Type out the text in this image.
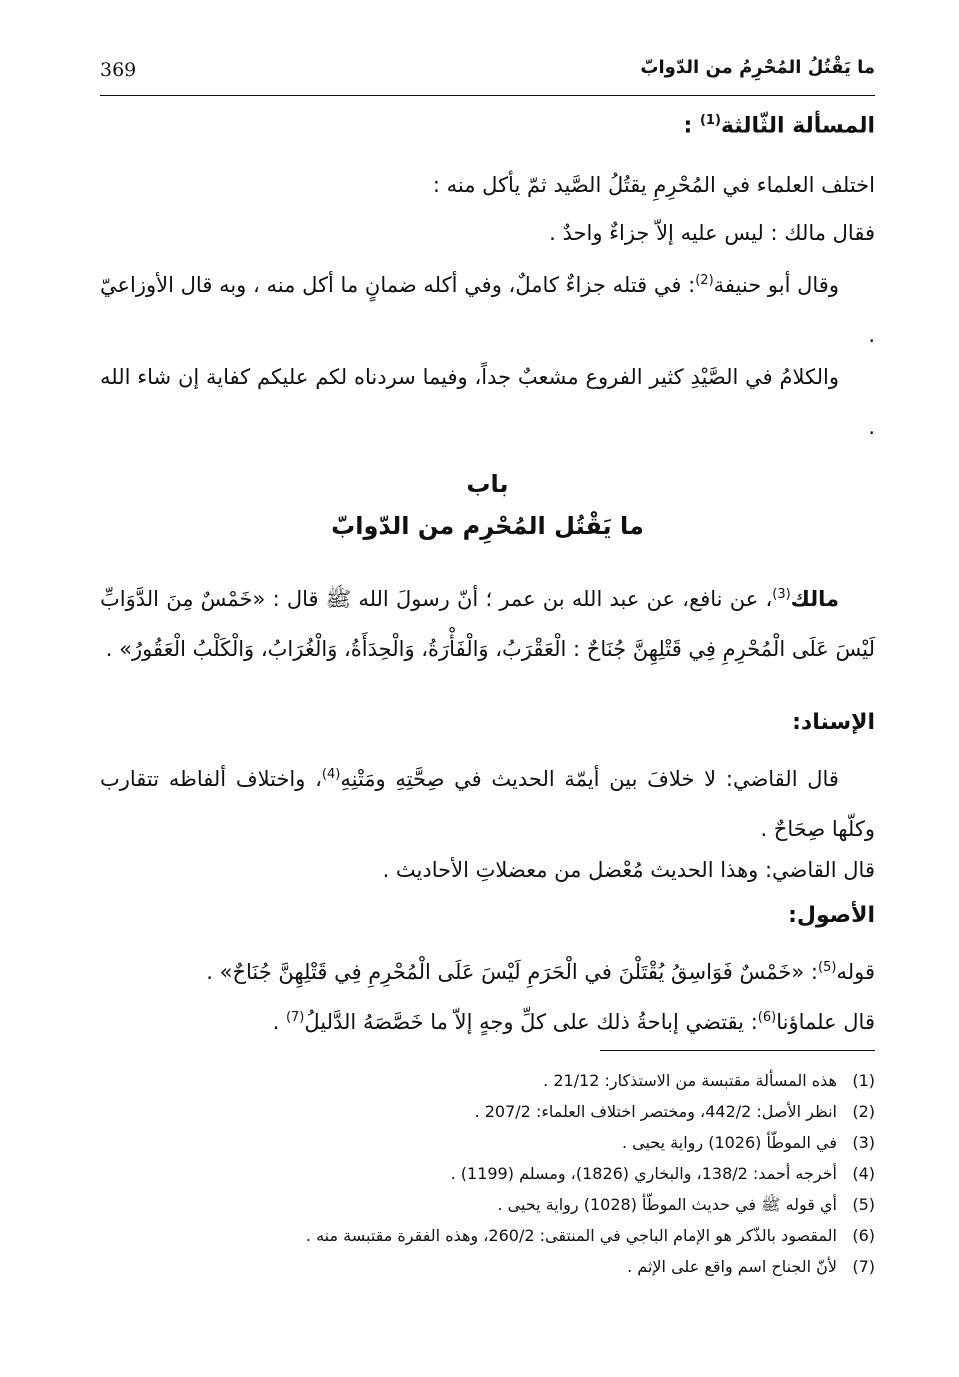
369	ما يَقْتُلُ المُحْرِمُ من الدّوابّ
المسألة الثّالثة$^{(1)}$ :
اختلف العلماء في المُحْرِمِ يقتُلُ الصَّيد ثمّ يأكل منه :
فقال مالك : ليس عليه إلاّ جزاءٌ واحدٌ .
وقال أبو حنيفة$^{(2)}$: في قتله جزاءٌ كاملٌ، وفي أكله ضمانٍ ما أكل منه ، وبه قال الأوزاعيّ .
والكلامُ في الصَّيْدِ كثير الفروع مشعبٌ جداً، وفيما سردناه لكم عليكم كفاية إن شاء الله .
باب
ما يَقْتُل المُحْرِم من الدّوابّ
مالك$^{(3)}$، عن نافع، عن عبد الله بن عمر ؛ أنّ رسولَ الله ﷺ قال : «خَمْسٌ مِنَ الدَّوَابِّ لَيْسَ عَلَى الْمُحْرِمِ فِي قَتْلِهِنَّ جُنَاحٌ : الْعَقْرَبُ، وَالْفَأْرَةُ، وَالْحِدَأَةُ، وَالْغُرَابُ، وَالْكَلْبُ الْعَقُورُ» .
الإسناد:
قال القاضي: لا خلافَ بين أيمّة الحديث في صِحَّتِهِ ومَتْنِهِ$^{(4)}$، واختلاف ألفاظه تتقارب وكلّها صِحَاحٌ .
قال القاضي: وهذا الحديث مُعْضل من معضلاتِ الأحاديث .
الأصول:
قوله$^{(5)}$: «خَمْسٌ فَوَاسِقُ يُقْتَلْنَ في الْحَرَمِ لَيْسَ عَلَى الْمُحْرِمِ فِي قَتْلِهِنَّ جُنَاحٌ» .
قال علماؤنا$^{(6)}$: يقتضي إباحةُ ذلك على كلِّ وجهٍ إلاّ ما خَصَّصَهُ الدَّليلُ$^{(7)}$ .
(1)
هذه المسألة مقتبسة من الاستذكار: 21/12 .
(2)
انظر الأصل: 442/2، ومختصر اختلاف العلماء: 207/2 .
(3)
في الموطّأ (1026) رواية يحيى .
(4)
أخرجه أحمد: 138/2، والبخاري (1826)، ومسلم (1199) .
(5)
أي قوله ﷺ في حديث الموطّأ (1028) رواية يحيى .
(6)
المقصود بالذّكر هو الإمام الباجي في المنتقى: 260/2، وهذه الفقرة مقتبسة منه .
(7)
لأنّ الجناح اسم واقع على الإثم .
